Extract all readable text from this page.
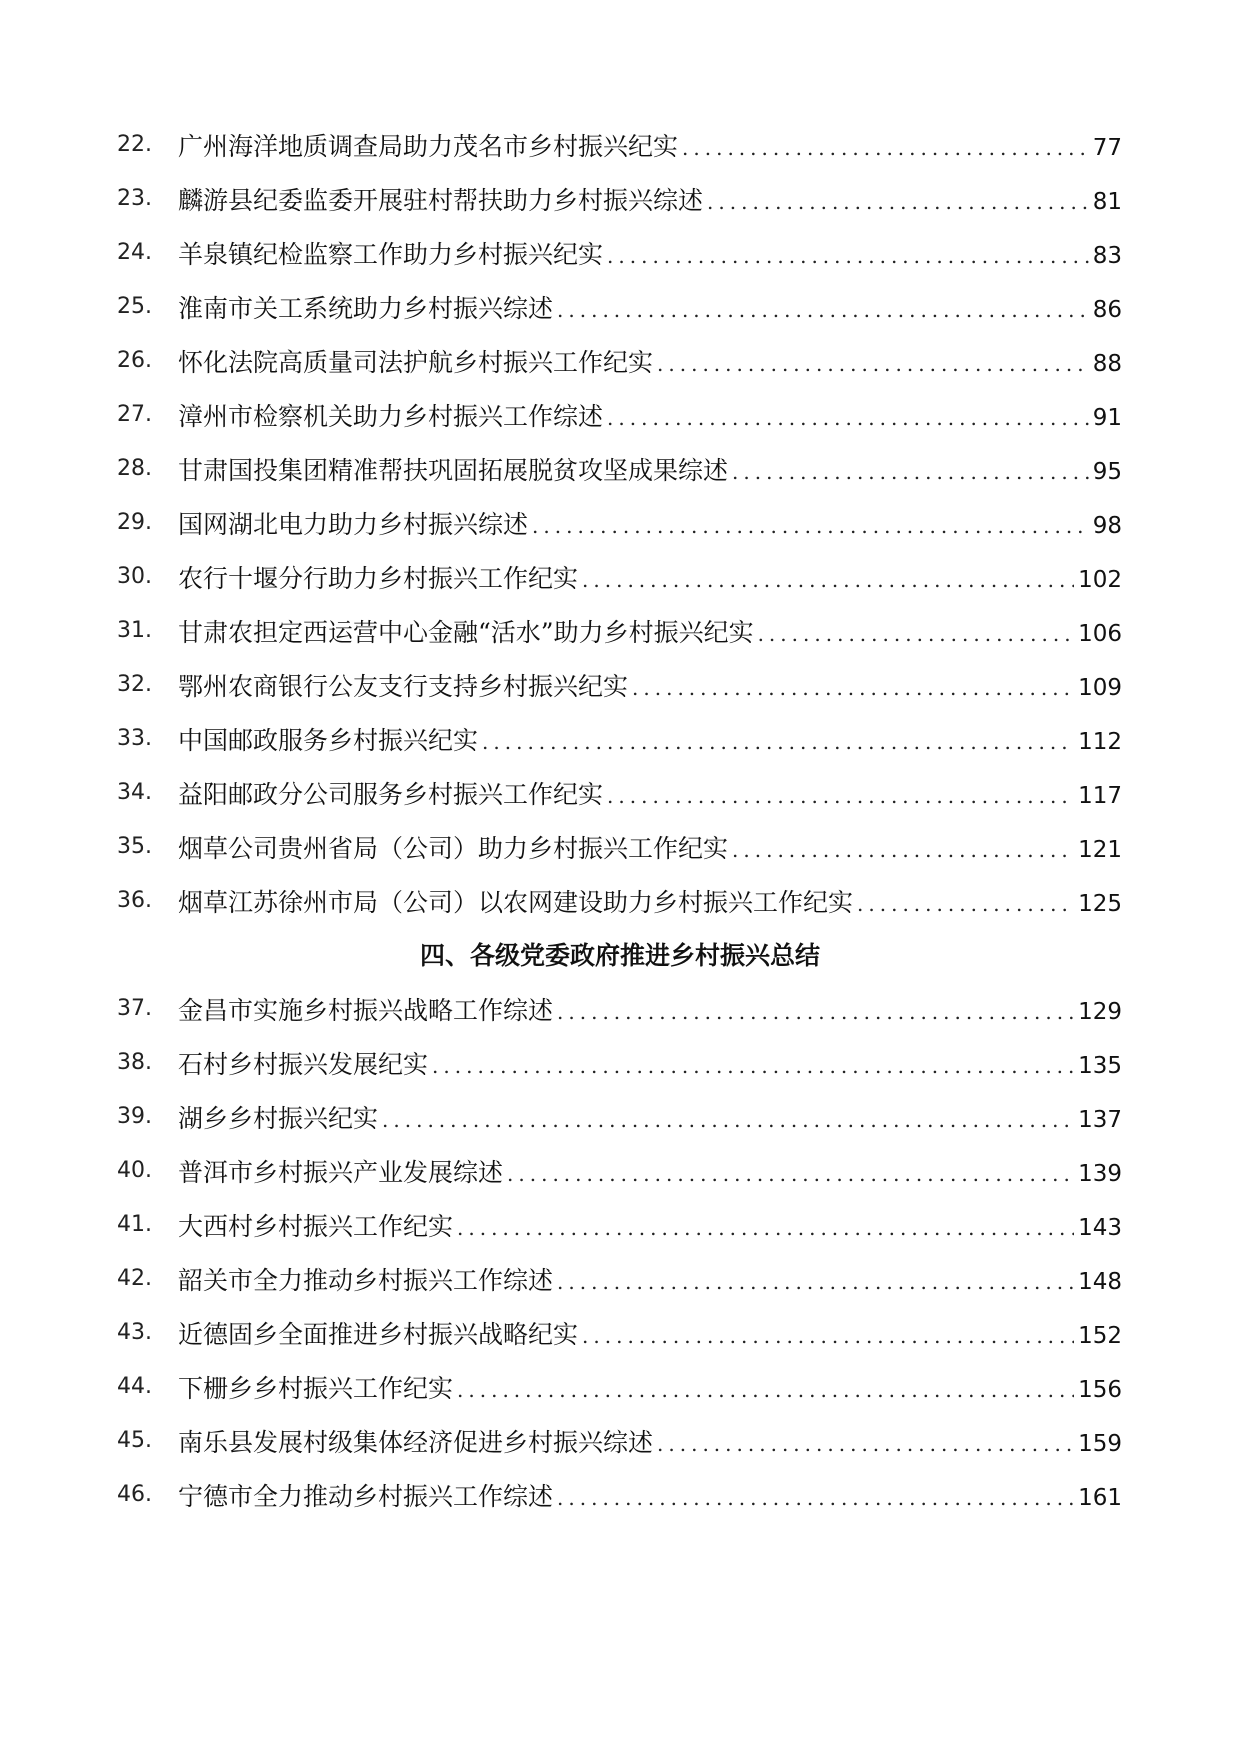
22.	广州海洋地质调查局助力茂名市乡村振兴纪实 .....	77
23.	麟游县纪委监委开展驻村帮扶助力乡村振兴综述 .....	81
24.	羊泉镇纪检监察工作助力乡村振兴纪实 .....	83
25.	淮南市关工系统助力乡村振兴综述 .....	86
26.	怀化法院高质量司法护航乡村振兴工作纪实 .....	88
27.	漳州市检察机关助力乡村振兴工作综述 .....	91
28.	甘肃国投集团精准帮扶巩固拓展脱贫攻坚成果综述 .....	95
29.	国网湖北电力助力乡村振兴综述 .....	98
30.	农行十堰分行助力乡村振兴工作纪实 .....	102
31.	甘肃农担定西运营中心金融“活水”助力乡村振兴纪实 .....	106
32.	鄂州农商银行公友支行支持乡村振兴纪实 .....	109
33.	中国邮政服务乡村振兴纪实 .....	112
34.	益阳邮政分公司服务乡村振兴工作纪实 .....	117
35.	烟草公司贵州省局（公司）助力乡村振兴工作纪实 .....	121
36.	烟草江苏徐州市局（公司）以农网建设助力乡村振兴工作纪实 .....	125
四、各级党委政府推进乡村振兴总结
37.	金昌市实施乡村振兴战略工作综述 .....	129
38.	石村乡村振兴发展纪实 .....	135
39.	湖乡乡村振兴纪实 .....	137
40.	普洱市乡村振兴产业发展综述 .....	139
41.	大西村乡村振兴工作纪实 .....	143
42.	韶关市全力推动乡村振兴工作综述 .....	148
43.	近德固乡全面推进乡村振兴战略纪实 .....	152
44.	下栅乡乡村振兴工作纪实 .....	156
45.	南乐县发展村级集体经济促进乡村振兴综述 .....	159
46.	宁德市全力推动乡村振兴工作综述 .....	161
